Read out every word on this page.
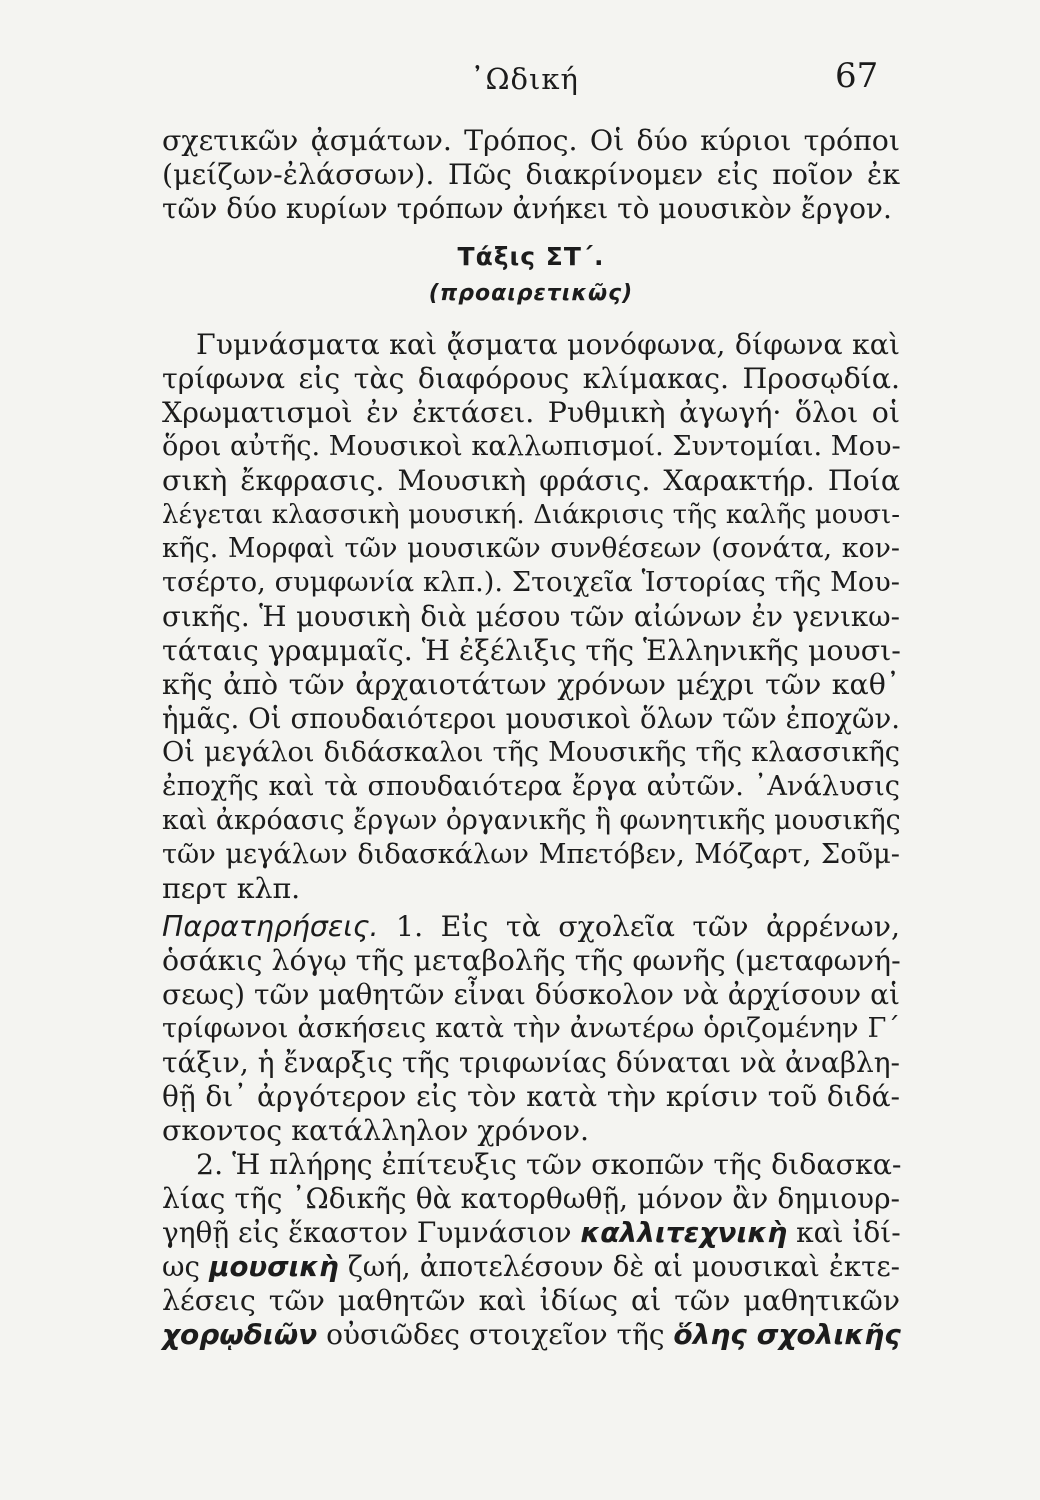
᾿Ωδική	67
σχετικῶν ᾀσμάτων. Τρόπος. Οἱ δύο κύριοι τρόποι
(μείζων-ἐλάσσων). Πῶς διακρίνομεν εἰς ποῖον ἐκ
τῶν δύο κυρίων τρόπων ἀνήκει τὸ μουσικὸν ἔργον.
Τάξις ΣΤ΄.
(προαιρετικῶς)
Γυμνάσματα καὶ ᾄσματα μονόφωνα, δίφωνα καὶ
τρίφωνα εἰς τὰς διαφόρους κλίμακας. Προσῳδία.
Χρωματισμοὶ ἐν ἐκτάσει. Ρυθμικὴ ἀγωγή· ὅλοι οἱ
ὅροι αὐτῆς. Μουσικοὶ καλλωπισμοί. Συντομίαι. Μου-
σικὴ ἔκφρασις. Μουσικὴ φράσις. Χαρακτήρ. Ποία
λέγεται κλασσικὴ μουσική. Διάκρισις τῆς καλῆς μουσι-
κῆς. Μορφαὶ τῶν μουσικῶν συνθέσεων (σονάτα, κον-
τσέρτο, συμφωνία κλπ.). Στοιχεῖα Ἱστορίας τῆς Μου-
σικῆς. Ἡ μουσικὴ διὰ μέσου τῶν αἰώνων ἐν γενικω-
τάταις γραμμαῖς. Ἡ ἐξέλιξις τῆς Ἑλληνικῆς μουσι-
κῆς ἀπὸ τῶν ἀρχαιοτάτων χρόνων μέχρι τῶν καθ᾿
ἡμᾶς. Οἱ σπουδαιότεροι μουσικοὶ ὅλων τῶν ἐποχῶν.
Οἱ μεγάλοι διδάσκαλοι τῆς Μουσικῆς τῆς κλασσικῆς
ἐποχῆς καὶ τὰ σπουδαιότερα ἔργα αὐτῶν. ᾿Ανάλυσις
καὶ ἀκρόασις ἔργων ὀργανικῆς ἢ φωνητικῆς μουσικῆς
τῶν μεγάλων διδασκάλων Μπετόβεν, Μόζαρτ, Σοῦμ-
περτ κλπ.
Παρατηρήσεις. 1. Εἰς τὰ σχολεῖα τῶν ἀρρένων,
ὁσάκις λόγῳ τῆς μεταβολῆς τῆς φωνῆς (μεταφωνή-
σεως) τῶν μαθητῶν εἶναι δύσκολον νὰ ἀρχίσουν αἱ
τρίφωνοι ἀσκήσεις κατὰ τὴν ἀνωτέρω ὁριζομένην Γ΄
τάξιν, ἡ ἔναρξις τῆς τριφωνίας δύναται νὰ ἀναβλη-
θῇ δι᾿ ἀργότερον εἰς τὸν κατὰ τὴν κρίσιν τοῦ διδά-
σκοντος κατάλληλον χρόνον.
2. Ἡ πλήρης ἐπίτευξις τῶν σκοπῶν τῆς διδασκα-
λίας τῆς ᾿Ωδικῆς θὰ κατορθωθῇ, μόνον ἂν δημιουρ-
γηθῇ εἰς ἕκαστον Γυμνάσιον καλλιτεχνικὴ καὶ ἰδί-
ως μουσικὴ ζωή, ἀποτελέσουν δὲ αἱ μουσικαὶ ἐκτε-
λέσεις τῶν μαθητῶν καὶ ἰδίως αἱ τῶν μαθητικῶν
χορῳδιῶν οὐσιῶδες στοιχεῖον τῆς ὅλης σχολικῆς
